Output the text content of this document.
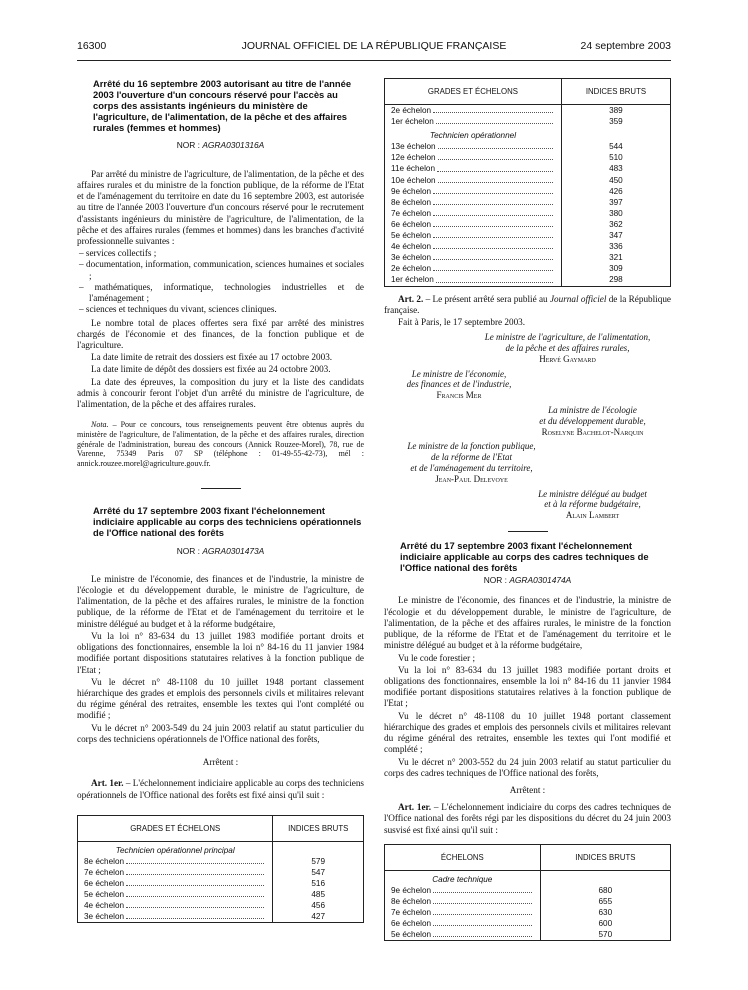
16300	JOURNAL OFFICIEL DE LA RÉPUBLIQUE FRANÇAISE	24 septembre 2003
Arrêté du 16 septembre 2003 autorisant au titre de l'année 2003 l'ouverture d'un concours réservé pour l'accès au corps des assistants ingénieurs du ministère de l'agriculture, de l'alimentation, de la pêche et des affaires rurales (femmes et hommes)
NOR : AGRA0301316A

Par arrêté du ministre de l'agriculture, de l'alimentation, de la pêche et des affaires rurales et du ministre de la fonction publique, de la réforme de l'Etat et de l'aménagement du territoire en date du 16 septembre 2003, est autorisée au titre de l'année 2003 l'ouverture d'un concours réservé pour le recrutement d'assistants ingénieurs du ministère de l'agriculture, de l'alimentation, de la pêche et des affaires rurales (femmes et hommes) dans les branches d'activité professionnelle suivantes :

– services collectifs ;
– documentation, information, communication, sciences humaines et sociales ;
– mathématiques, informatique, technologies industrielles et de l'aménagement ;
– sciences et techniques du vivant, sciences cliniques.

Le nombre total de places offertes sera fixé par arrêté des ministres chargés de l'économie et des finances, de la fonction publique et de l'agriculture.

La date limite de retrait des dossiers est fixée au 17 octobre 2003.

La date limite de dépôt des dossiers est fixée au 24 octobre 2003.

La date des épreuves, la composition du jury et la liste des candidats admis à concourir feront l'objet d'un arrêté du ministre de l'agriculture, de l'alimentation, de la pêche et des affaires rurales.

Nota. – Pour ce concours, tous renseignements peuvent être obtenus auprès du ministère de l'agriculture, de l'alimentation, de la pêche et des affaires rurales, direction générale de l'administration, bureau des concours (Annick Rouzee-Morel), 78, rue de Varenne, 75349 Paris 07 SP (téléphone : 01-49-55-42-73), mél : annick.rouzee.morel@agriculture.gouv.fr.

Arrêté du 17 septembre 2003 fixant l'échelonnement indiciaire applicable au corps des techniciens opérationnels de l'Office national des forêts
NOR : AGRA0301473A

Le ministre de l'économie, des finances et de l'industrie, la ministre de l'écologie et du développement durable, le ministre de l'agriculture, de l'alimentation, de la pêche et des affaires rurales, le ministre de la fonction publique, de la réforme de l'Etat et de l'aménagement du territoire et le ministre délégué au budget et à la réforme budgétaire,

Vu la loi n° 83-634 du 13 juillet 1983 modifiée portant droits et obligations des fonctionnaires, ensemble la loi n° 84-16 du 11 janvier 1984 modifiée portant dispositions statutaires relatives à la fonction publique de l'Etat ;

Vu le décret n° 48-1108 du 10 juillet 1948 portant classement hiérarchique des grades et emplois des personnels civils et militaires relevant du régime général des retraites, ensemble les textes qui l'ont complété ou modifié ;

Vu le décret n° 2003-549 du 24 juin 2003 relatif au statut particulier du corps des techniciens opérationnels de l'Office national des forêts,

Arrêtent :

Art. 1er. – L'échelonnement indiciaire applicable au corps des techniciens opérationnels de l'Office national des forêts est fixé ainsi qu'il suit :

GRADES ET ÉCHELONS	INDICES BRUTS
Technicien opérationnel principal	

8e échelon	579

7e échelon	547

6e échelon	516

5e échelon	485

4e échelon	456

3e échelon	427
GRADES ET ÉCHELONS	INDICES BRUTS

2e échelon	389

1er échelon	359
Technicien opérationnel	

13e échelon	544

12e échelon	510

11e échelon	483

10e échelon	450

9e échelon	426

8e échelon	397

7e échelon	380

6e échelon	362

5e échelon	347

4e échelon	336

3e échelon	321

2e échelon	309

1er échelon	298

Art. 2. – Le présent arrêté sera publié au Journal officiel de la République française.

Fait à Paris, le 17 septembre 2003.

Le ministre de l'agriculture, de l'alimentation,
de la pêche et des affaires rurales,
Hervé Gaymard
Le ministre de l'économie,
des finances et de l'industrie,
Francis Mer
La ministre de l'écologie
et du développement durable,
Roselyne Bachelot-Narquin
Le ministre de la fonction publique,
de la réforme de l'Etat
et de l'aménagement du territoire,
Jean-Paul Delevoye
Le ministre délégué au budget
et à la réforme budgétaire,
Alain Lambert
Arrêté du 17 septembre 2003 fixant l'échelonnement indiciaire applicable au corps des cadres techniques de l'Office national des forêts
NOR : AGRA0301474A

Le ministre de l'économie, des finances et de l'industrie, la ministre de l'écologie et du développement durable, le ministre de l'agriculture, de l'alimentation, de la pêche et des affaires rurales, le ministre de la fonction publique, de la réforme de l'Etat et de l'aménagement du territoire et le ministre délégué au budget et à la réforme budgétaire,

Vu le code forestier ;

Vu la loi n° 83-634 du 13 juillet 1983 modifiée portant droits et obligations des fonctionnaires, ensemble la loi n° 84-16 du 11 janvier 1984 modifiée portant dispositions statutaires relatives à la fonction publique de l'Etat ;

Vu le décret n° 48-1108 du 10 juillet 1948 portant classement hiérarchique des grades et emplois des personnels civils et militaires relevant du régime général des retraites, ensemble les textes qui l'ont modifié et complété ;

Vu le décret n° 2003-552 du 24 juin 2003 relatif au statut particulier du corps des cadres techniques de l'Office national des forêts,

Arrêtent :

Art. 1er. – L'échelonnement indiciaire du corps des cadres techniques de l'Office national des forêts régi par les dispositions du décret du 24 juin 2003 susvisé est fixé ainsi qu'il suit :

ÉCHELONS	INDICES BRUTS
Cadre technique	

9e échelon	680

8e échelon	655

7e échelon	630

6e échelon	600

5e échelon	570
